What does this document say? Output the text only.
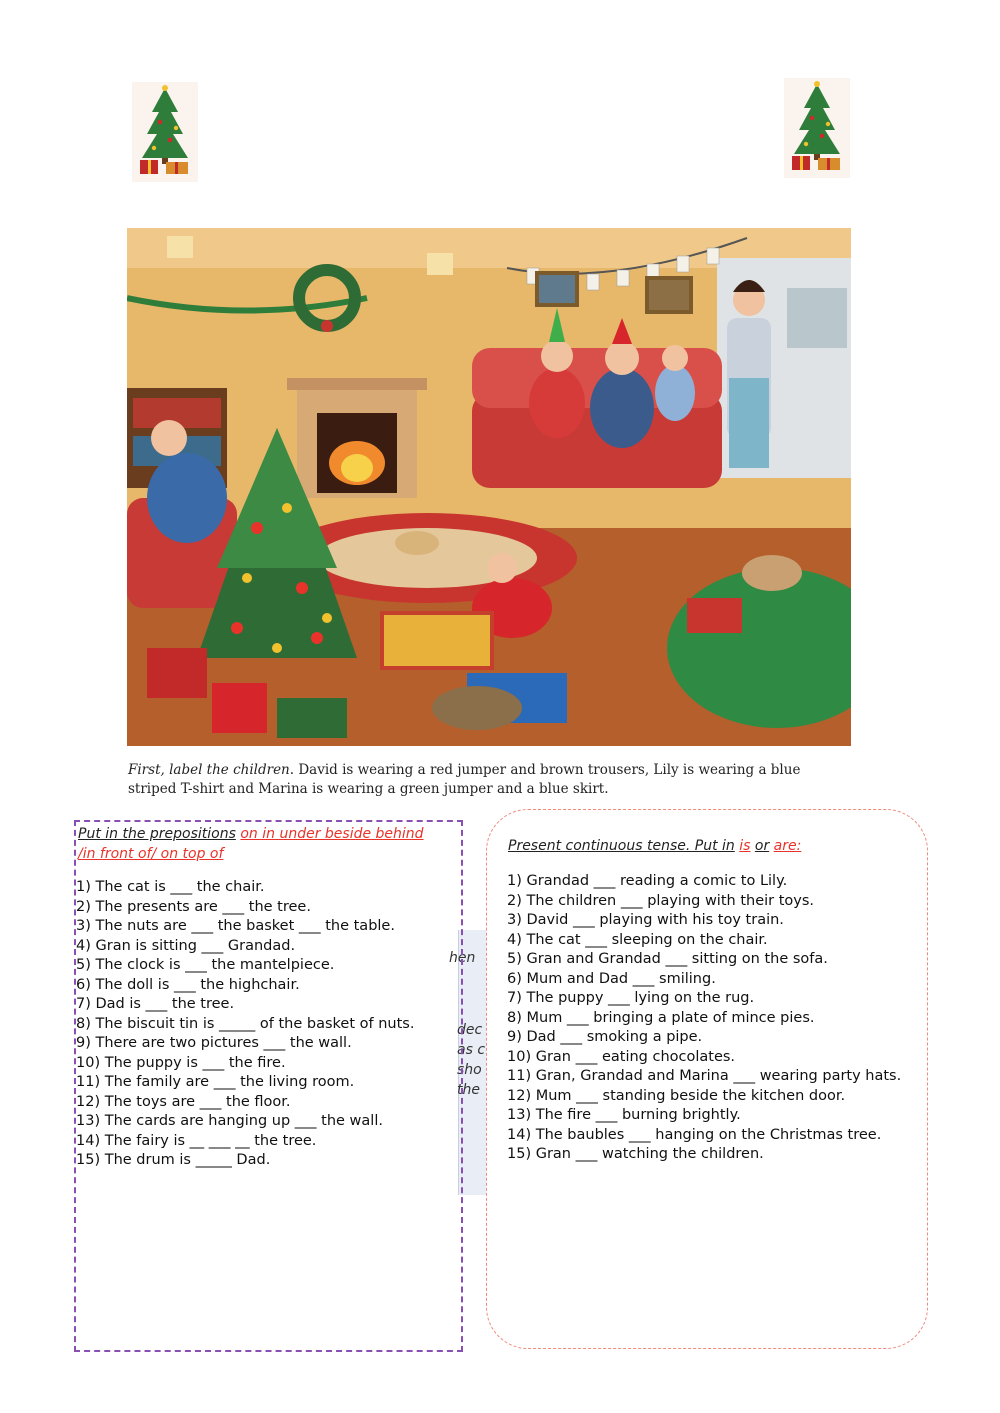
First, label the children. David is wearing a red jumper and brown trousers, Lily is wearing a blue striped T-shirt and Marina is wearing a green jumper and a blue skirt.
hen
dec
as c
sho
the
Put in the prepositions on in under beside behind
/in front of/ on top of
1) The cat is ___ the chair.
2) The presents are ___ the tree.
3) The nuts are ___ the basket ___ the table.
4) Gran is sitting ___ Grandad.
5) The clock is ___ the mantelpiece.
6) The doll is ___ the highchair.
7) Dad is ___ the tree.
8) The biscuit tin is _____ of the basket of nuts.
9) There are two pictures ___ the wall.
10) The puppy is ___ the fire.
11) The family are ___ the living room.
12) The toys are ___ the floor.
13) The cards are hanging up ___ the wall.
14) The fairy is __ ___ __ the tree.
15) The drum is _____ Dad.
Present continuous tense. Put in is or are:
1) Grandad ___ reading a comic to Lily.
2) The children ___ playing with their toys.
3) David ___ playing with his toy train.
4) The cat ___ sleeping on the chair.
5) Gran and Grandad ___ sitting on the sofa.
6) Mum and Dad ___ smiling.
7) The puppy ___ lying on the rug.
8) Mum ___ bringing a plate of mince pies.
9) Dad ___ smoking a pipe.
10) Gran ___ eating chocolates.
11) Gran, Grandad and Marina ___ wearing party hats.
12) Mum ___ standing beside the kitchen door.
13) The fire ___ burning brightly.
14) The baubles ___ hanging on the Christmas tree.
15) Gran ___ watching the children.
